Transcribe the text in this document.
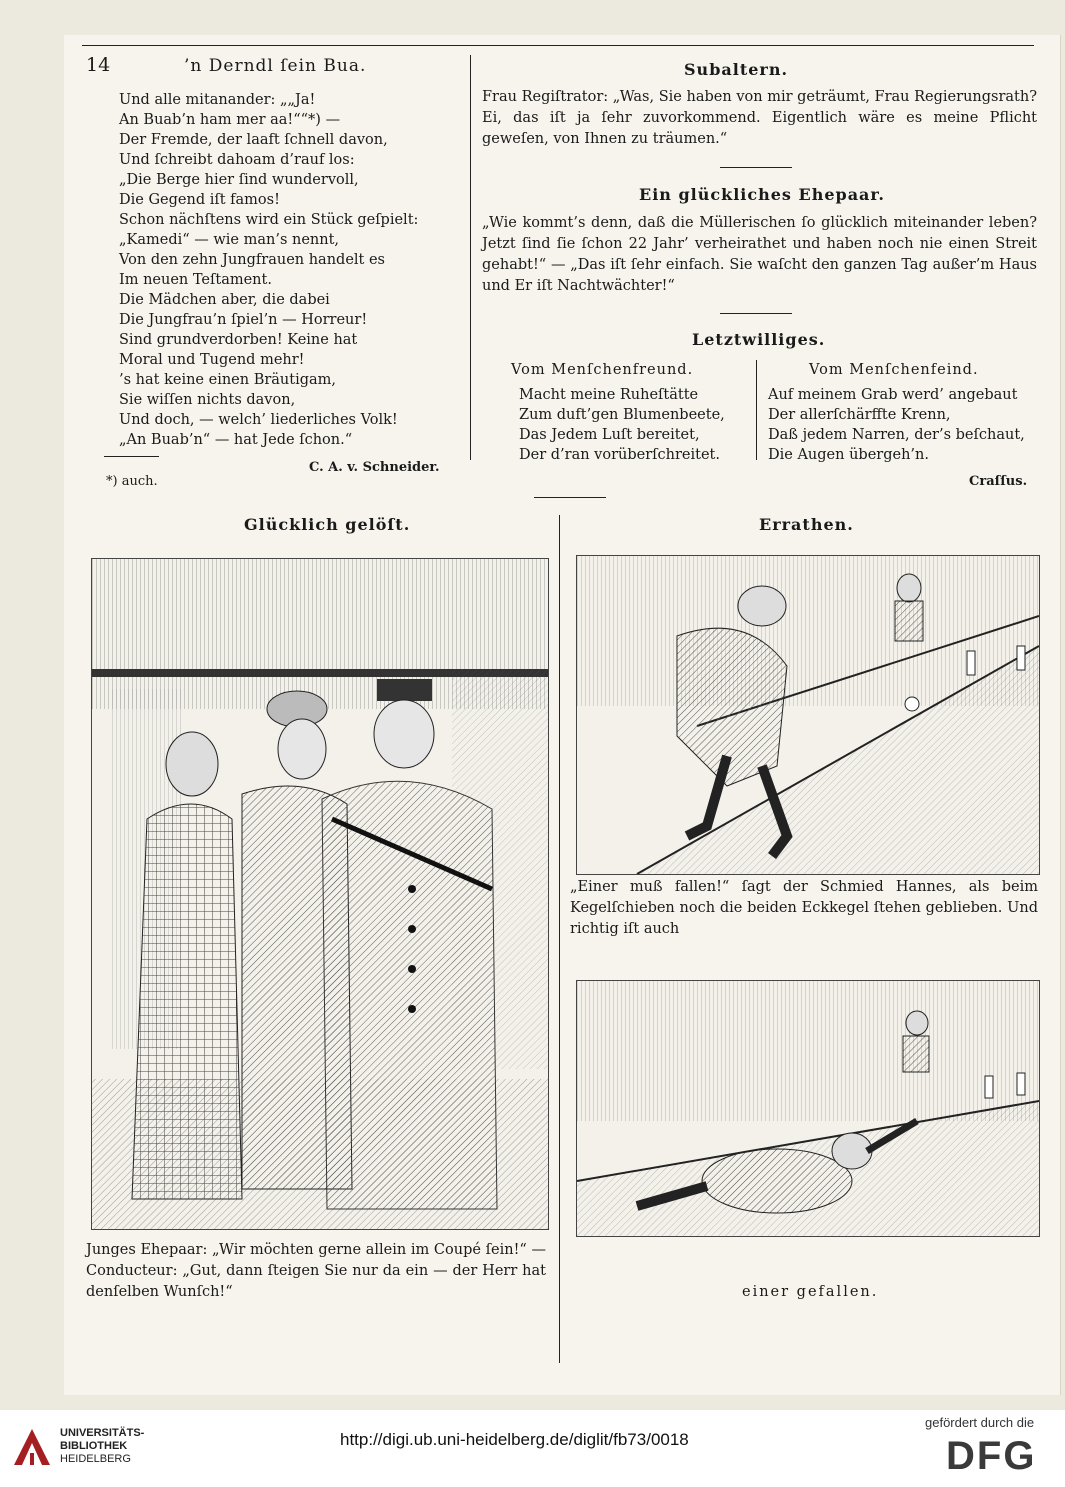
14	’n Derndl ſein Bua.
Und alle mitanander: „„Ja!
An Buab’n ham mer aa!““*) —
Der Fremde, der laaft ſchnell davon,
Und ſchreibt dahoam d’rauf los:
„Die Berge hier ſind wundervoll,
Die Gegend iſt famos!
Schon nächſtens wird ein Stück geſpielt:
„Kamedi“ — wie man’s nennt,
Von den zehn Jungfrauen handelt es
Im neuen Teſtament.
Die Mädchen aber, die dabei
Die Jungfrau’n ſpiel’n — Horreur!
Sind grundverdorben! Keine hat
Moral und Tugend mehr!
’s hat keine einen Bräutigam,
Sie wiſſen nichts davon,
Und doch, — welch’ liederliches Volk!
„An Buab’n“ — hat Jede ſchon.“
C. A. v. Schneider.
*) auch.
Subaltern.
Frau Regiſtrator: „Was, Sie haben von mir geträumt, Frau Regierungsrath? Ei, das iſt ja ſehr zuvorkommend. Eigentlich wäre es meine Pflicht geweſen, von Ihnen zu träumen.“
Ein glückliches Ehepaar.
„Wie kommt’s denn, daß die Müllerischen ſo glücklich miteinander leben? Jetzt ſind ſie ſchon 22 Jahr’ verheirathet und haben noch nie einen Streit gehabt!“ — „Das iſt ſehr einfach. Sie waſcht den ganzen Tag außer’m Haus und Er iſt Nachtwächter!“
Letztwilliges.
Vom Menſchenfreund.
Macht meine Ruheſtätte
Zum duft’gen Blumenbeete,
Das Jedem Luſt bereitet,
Der d’ran vorüberſchreitet.
Vom Menſchenfeind.
Auf meinem Grab werd’ angebaut
Der allerſchärffte Krenn,
Daß jedem Narren, der’s beſchaut,
Die Augen übergeh’n.
Craſſus.
Glücklich gelöſt.
Junges Ehepaar: „Wir möchten gerne allein im Coupé ſein!“ — Conducteur: „Gut, dann ſteigen Sie nur da ein — der Herr hat denſelben Wunſch!“
Errathen.
„Einer muß fallen!“ ſagt der Schmied Hannes, als beim Kegelſchieben noch die beiden Eckkegel ſtehen geblieben. Und richtig iſt auch
einer gefallen.
UNIVERSITÄTS-
BIBLIOTHEK
HEIDELBERG
http://digi.ub.uni-heidelberg.de/diglit/fb73/0018
gefördert durch die
DFG
